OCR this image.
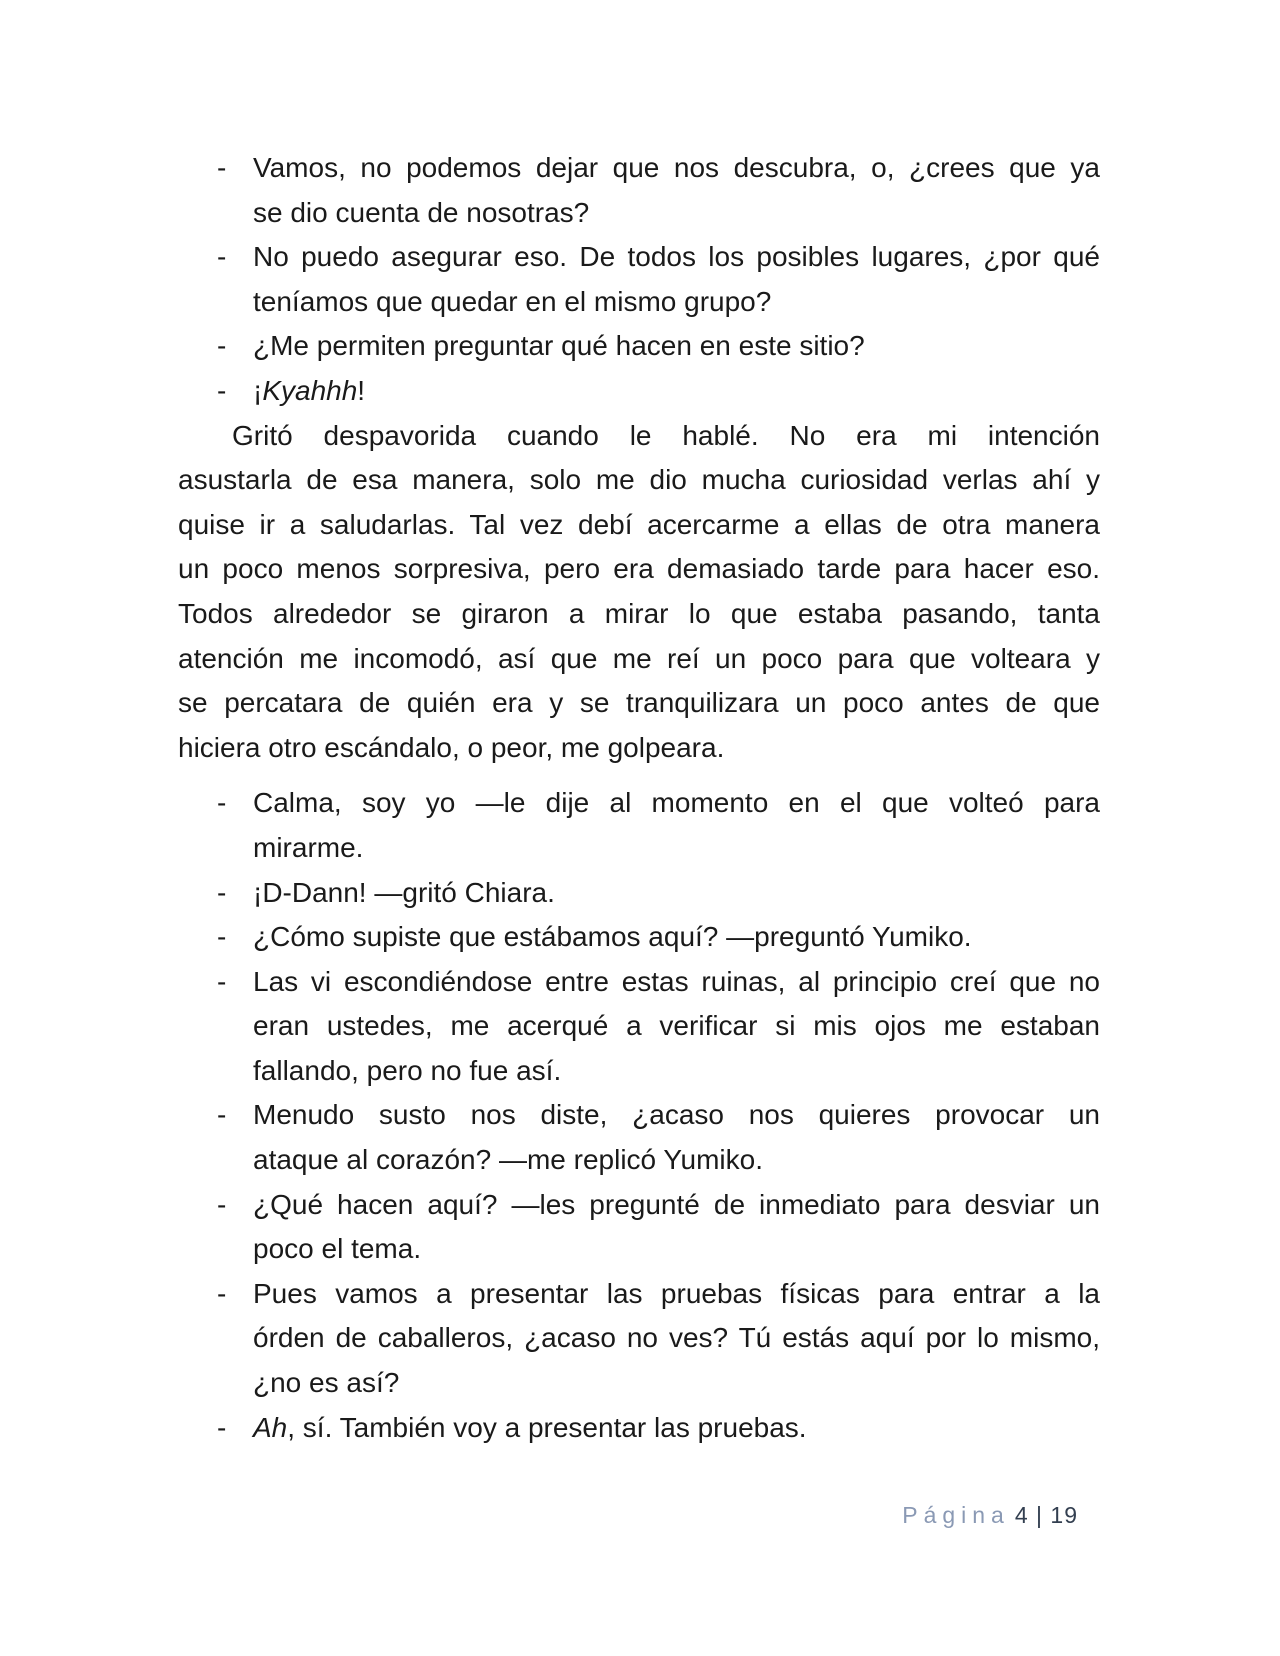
- Vamos, no podemos dejar que nos descubra, o, ¿crees que ya
se dio cuenta de nosotras?
- No puedo asegurar eso. De todos los posibles lugares, ¿por qué
teníamos que quedar en el mismo grupo?
- ¿Me permiten preguntar qué hacen en este sitio?
- ¡Kyahhh!
Gritó despavorida cuando le hablé. No era mi intención
asustarla de esa manera, solo me dio mucha curiosidad verlas ahí y
quise ir a saludarlas. Tal vez debí acercarme a ellas de otra manera
un poco menos sorpresiva, pero era demasiado tarde para hacer eso.
Todos alrededor se giraron a mirar lo que estaba pasando, tanta
atención me incomodó, así que me reí un poco para que volteara y
se percatara de quién era y se tranquilizara un poco antes de que
hiciera otro escándalo, o peor, me golpeara.
- Calma, soy yo —le dije al momento en el que volteó para
mirarme.
- ¡D-Dann! —gritó Chiara.
- ¿Cómo supiste que estábamos aquí? —preguntó Yumiko.
- Las vi escondiéndose entre estas ruinas, al principio creí que no
eran ustedes, me acerqué a verificar si mis ojos me estaban
fallando, pero no fue así.
- Menudo susto nos diste, ¿acaso nos quieres provocar un
ataque al corazón? —me replicó Yumiko.
- ¿Qué hacen aquí? —les pregunté de inmediato para desviar un
poco el tema.
- Pues vamos a presentar las pruebas físicas para entrar a la
órden de caballeros, ¿acaso no ves? Tú estás aquí por lo mismo,
¿no es así?
- Ah, sí. También voy a presentar las pruebas.
Página 4 | 19
